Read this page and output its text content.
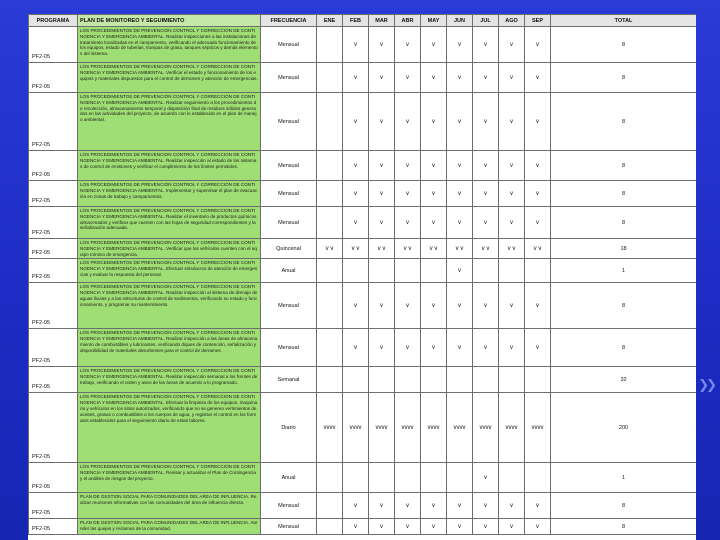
❯❯
PROGRAMA	PLAN DE MONITOREO Y SEGUIMIENTO	FRECUENCIA	ENE	FEB	MAR	ABR	MAY	JUN	JUL	AGO	SEP	TOTAL
PF2-05	LOS PROCEDIMIENTOS DE PREVENCION CONTROL Y CORRECCION DE CONTINGENCIA Y EMERGENCIA AMBIENTAL. Realizar inspecciones a las instalaciones de tratamiento localizadas en el campamento, verificando el adecuado funcionamiento de los equipos, estado de tuberias, trampas de grasa, tanques sépticos y demás elementos del sistema.	Mensual		v	v	v	v	v	v	v	v	8
PF2-05	LOS PROCEDIMIENTOS DE PREVENCION CONTROL Y CORRECCION DE CONTINGENCIA Y EMERGENCIA AMBIENTAL. Verificar el estado y funcionamiento de los equipos y materiales dispuestos para el control de derrames y atención de emergencias.	Mensual		v	v	v	v	v	v	v	v	8
PF2-05	LOS PROCEDIMIENTOS DE PREVENCION CONTROL Y CORRECCION DE CONTINGENCIA Y EMERGENCIA AMBIENTAL. Realizar seguimiento a los procedimientos de recolección, almacenamiento temporal y disposición final de residuos sólidos generados en las actividades del proyecto, de acuerdo con lo establecido en el plan de manejo ambiental.	Mensual		v	v	v	v	v	v	v	v	8
PF2-05	LOS PROCEDIMIENTOS DE PREVENCION CONTROL Y CORRECCION DE CONTINGENCIA Y EMERGENCIA AMBIENTAL. Realizar inspección al estado de los sistemas de control de emisiones y verificar el cumplimiento de los límites permitidos.	Mensual		v	v	v	v	v	v	v	v	8
PF2-05	LOS PROCEDIMIENTOS DE PREVENCION CONTROL Y CORRECCION DE CONTINGENCIA Y EMERGENCIA AMBIENTAL. Implementar y supervisar el plan de evacuación en zonas de trabajo y campamentos.	Mensual		v	v	v	v	v	v	v	v	8
PF2-05	LOS PROCEDIMIENTOS DE PREVENCION CONTROL Y CORRECCION DE CONTINGENCIA Y EMERGENCIA AMBIENTAL. Realizar el inventario de productos químicos almacenados y verificar que cuenten con las hojas de seguridad correspondientes y la señalización adecuada.	Mensual		v	v	v	v	v	v	v	v	8
PF2-05	LOS PROCEDIMIENTOS DE PREVENCION CONTROL Y CORRECCION DE CONTINGENCIA Y EMERGENCIA AMBIENTAL. Verificar que los vehículos cuenten con el equipo mínimo de emergencia.	Quincenal	v v	v v	v v	v v	v v	v v	v v	v v	v v	18
PF2-05	LOS PROCEDIMIENTOS DE PREVENCION CONTROL Y CORRECCION DE CONTINGENCIA Y EMERGENCIA AMBIENTAL. Efectuar simulacros de atención de emergencias y evaluar la respuesta del personal.	Anual						v				1
PF2-05	LOS PROCEDIMIENTOS DE PREVENCION CONTROL Y CORRECCION DE CONTINGENCIA Y EMERGENCIA AMBIENTAL. Realizar inspección al sistema de drenaje de aguas lluvias y a las estructuras de control de sedimentos, verificando su estado y funcionamiento, y programar su mantenimiento.	Mensual		v	v	v	v	v	v	v	v	8
PF2-05	LOS PROCEDIMIENTOS DE PREVENCION CONTROL Y CORRECCION DE CONTINGENCIA Y EMERGENCIA AMBIENTAL. Realizar inspección a las áreas de almacenamiento de combustibles y lubricantes, verificando diques de contención, señalización y disponibilidad de materiales absorbentes para el control de derrames.	Mensual		v	v	v	v	v	v	v	v	8
PF2-05	LOS PROCEDIMIENTOS DE PREVENCION CONTROL Y CORRECCION DE CONTINGENCIA Y EMERGENCIA AMBIENTAL. Realizar inspección semanal a los frentes de trabajo, verificando el orden y aseo de las áreas de acuerdo a lo programado.	Semanal										32
PF2-05	LOS PROCEDIMIENTOS DE PREVENCION CONTROL Y CORRECCION DE CONTINGENCIA Y EMERGENCIA AMBIENTAL. Efectuar la limpieza de los equipos, maquinaria y vehículos en los sitios autorizados, verificando que no se generen vertimientos de aceites, grasas o combustibles a los cuerpos de agua, y registrar el control en los formatos establecidos para el seguimiento diario de estas labores.	Diario	vvvv	vvvv	vvvv	vvvv	vvvv	vvvv	vvvv	vvvv	vvvv	200
PF2-05	LOS PROCEDIMIENTOS DE PREVENCION CONTROL Y CORRECCION DE CONTINGENCIA Y EMERGENCIA AMBIENTAL. Revisar y actualizar el Plan de Contingencia y el análisis de riesgos del proyecto.	Anual							v			1
PF2-05	PLAN DE GESTION SOCIAL PARA COMUNIDADES DEL AREA DE INFLUENCIA. Realizar reuniones informativas con las comunidades del área de influencia directa.	Mensual		v	v	v	v	v	v	v	v	8
PF2-05	PLAN DE GESTION SOCIAL PARA COMUNIDADES DEL AREA DE INFLUENCIA. Atender las quejas y reclamos de la comunidad.	Mensual		v	v	v	v	v	v	v	v	8
